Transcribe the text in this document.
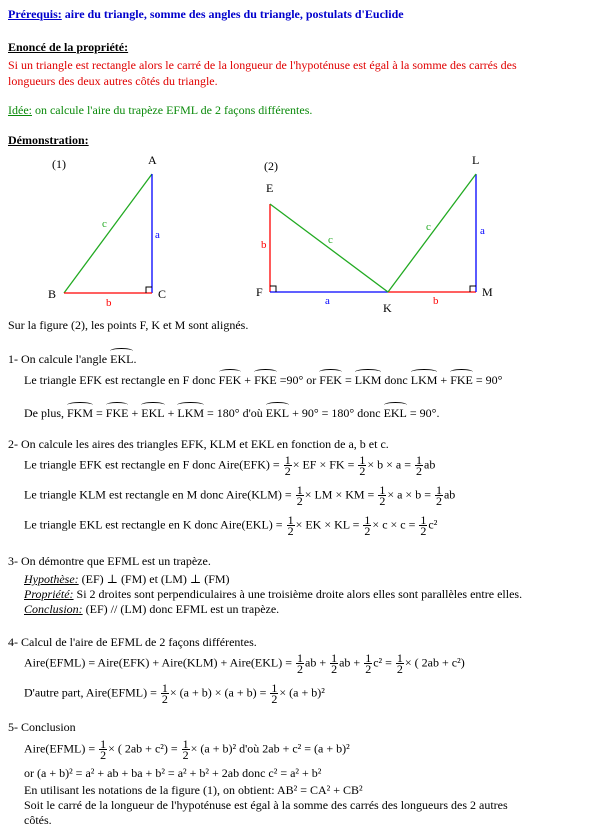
Prérequis: aire du triangle, somme des angles du triangle, postulats d'Euclide
Enoncé de la propriété:
Si un triangle est rectangle alors le carré de la longueur de l'hypoténuse est égal à la somme des carrés des
longueurs des deux autres côtés du triangle.
Idée: on calcule l'aire du trapèze EFML de 2 façons différentes.
Démonstration:
(1)	A
B	C
a
b
c
(2)
E
F
K
L
M
b
a	b
a
c
c
Sur la figure (2), les points F, K et M sont alignés.
1- On calcule l'angle EKL.
Le triangle EFK est rectangle en F donc FEK + FKE =90° or FEK = LKM donc LKM + FKE = 90°
De plus, FKM = FKE + EKL + LKM = 180° d'où EKL + 90° = 180° donc EKL = 90°.
2- On calcule les aires des triangles EFK, KLM et EKL en fonction de a, b et c.
Le triangle EFK est rectangle en F donc Aire(EFK) = $\frac{1}{2}$ × EF × FK = $\frac{1}{2} \times b \times a = \frac{1}{2}$ ab
Le triangle KLM est rectangle en M donc Aire(KLM) = $\frac{1}{2}$ × LM × KM = $\frac{1}{2} \times a \times b = \frac{1}{2}$ ab
Le triangle EKL est rectangle en K donc Aire(EKL) = $\frac{1}{2}$ × EK × KL = $\frac{1}{2} \times c \times c = \frac{1}{2} c^2$
3- On démontre que EFML est un trapèze.
Hypothèse: (EF) ⊥ (FM) et (LM) ⊥ (FM)
Propriété: Si 2 droites sont perpendiculaires à une troisième droite alors elles sont parallèles entre elles.
Conclusion: (EF) // (LM) donc EFML est un trapèze.
4- Calcul de l'aire de EFML de 2 façons différentes.
Aire(EFML) = Aire(EFK) + Aire(KLM) + Aire(EKL) = $\frac{1}{2}$ ab + $\frac{1}{2}$ ab + $\frac{1}{2} c^2 = \frac{1}{2}$ × ( 2ab + c²)
D'autre part, Aire(EFML) = $\frac{1}{2} \times (a + b) \times (a + b) = \frac{1}{2} \times (a + b)^2$
5- Conclusion
Aire(EFML) = $\frac{1}{2}$ × ( $2ab + c^2) = \frac{1}{2} \times (a + b)^2$ d'où 2ab + c² = (a + b)²
or (a + b)² = a² + ab + ba + b² = a² + b² + 2ab donc c² = a² + b²
En utilisant les notations de la figure (1), on obtient: AB² = CA² + CB²
Soit le carré de la longueur de l'hypoténuse est égal à la somme des carrés des longueurs des 2 autres
côtés.
